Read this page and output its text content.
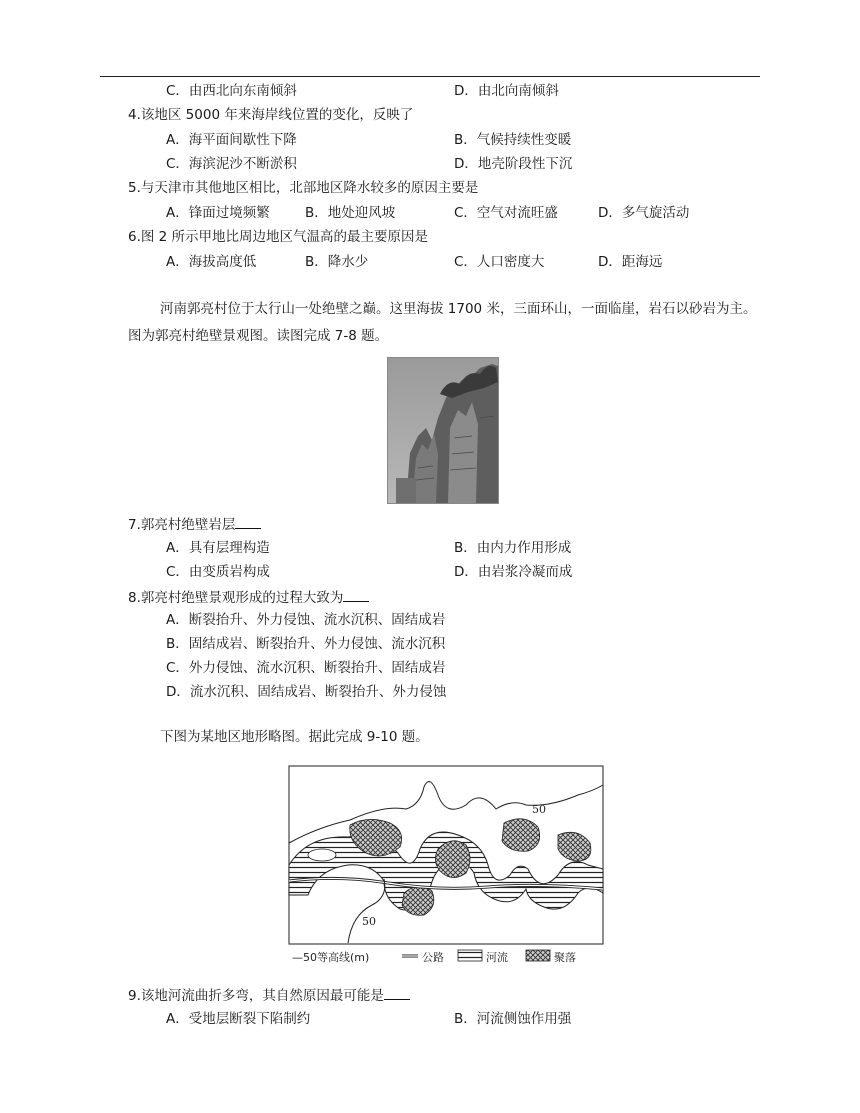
C．由西北向东南倾斜	D．由北向南倾斜
4.该地区 5000 年来海岸线位置的变化，反映了
A．海平面间歇性下降	B．气候持续性变暖
C．海滨泥沙不断淤积	D．地壳阶段性下沉
5.与天津市其他地区相比，北部地区降水较多的原因主要是
A．锋面过境频繁	B．地处迎风坡	C．空气对流旺盛	D．多气旋活动
6.图 2 所示甲地比周边地区气温高的最主要原因是
A．海拔高度低	B．降水少	C．人口密度大	D．距海远
河南郭亮村位于太行山一处绝壁之巅。这里海拔 1700 米，三面环山，一面临崖，岩石以砂岩为主。图为郭亮村绝壁景观图。读图完成 7-8 题。
7.郭亮村绝壁岩层
A．具有层理构造	B．由内力作用形成
C．由变质岩构成	D．由岩浆冷凝而成
8.郭亮村绝壁景观形成的过程大致为
A．断裂抬升、外力侵蚀、流水沉积、固结成岩
B．固结成岩、断裂抬升、外力侵蚀、流水沉积
C．外力侵蚀、流水沉积、断裂抬升、固结成岩
D．流水沉积、固结成岩、断裂抬升、外力侵蚀
下图为某地区地形略图。据此完成 9-10 题。
50
50
—50等高线(m)	公路	河流	聚落
9.该地河流曲折多弯，其自然原因最可能是
A．受地层断裂下陷制约	B．河流侧蚀作用强
